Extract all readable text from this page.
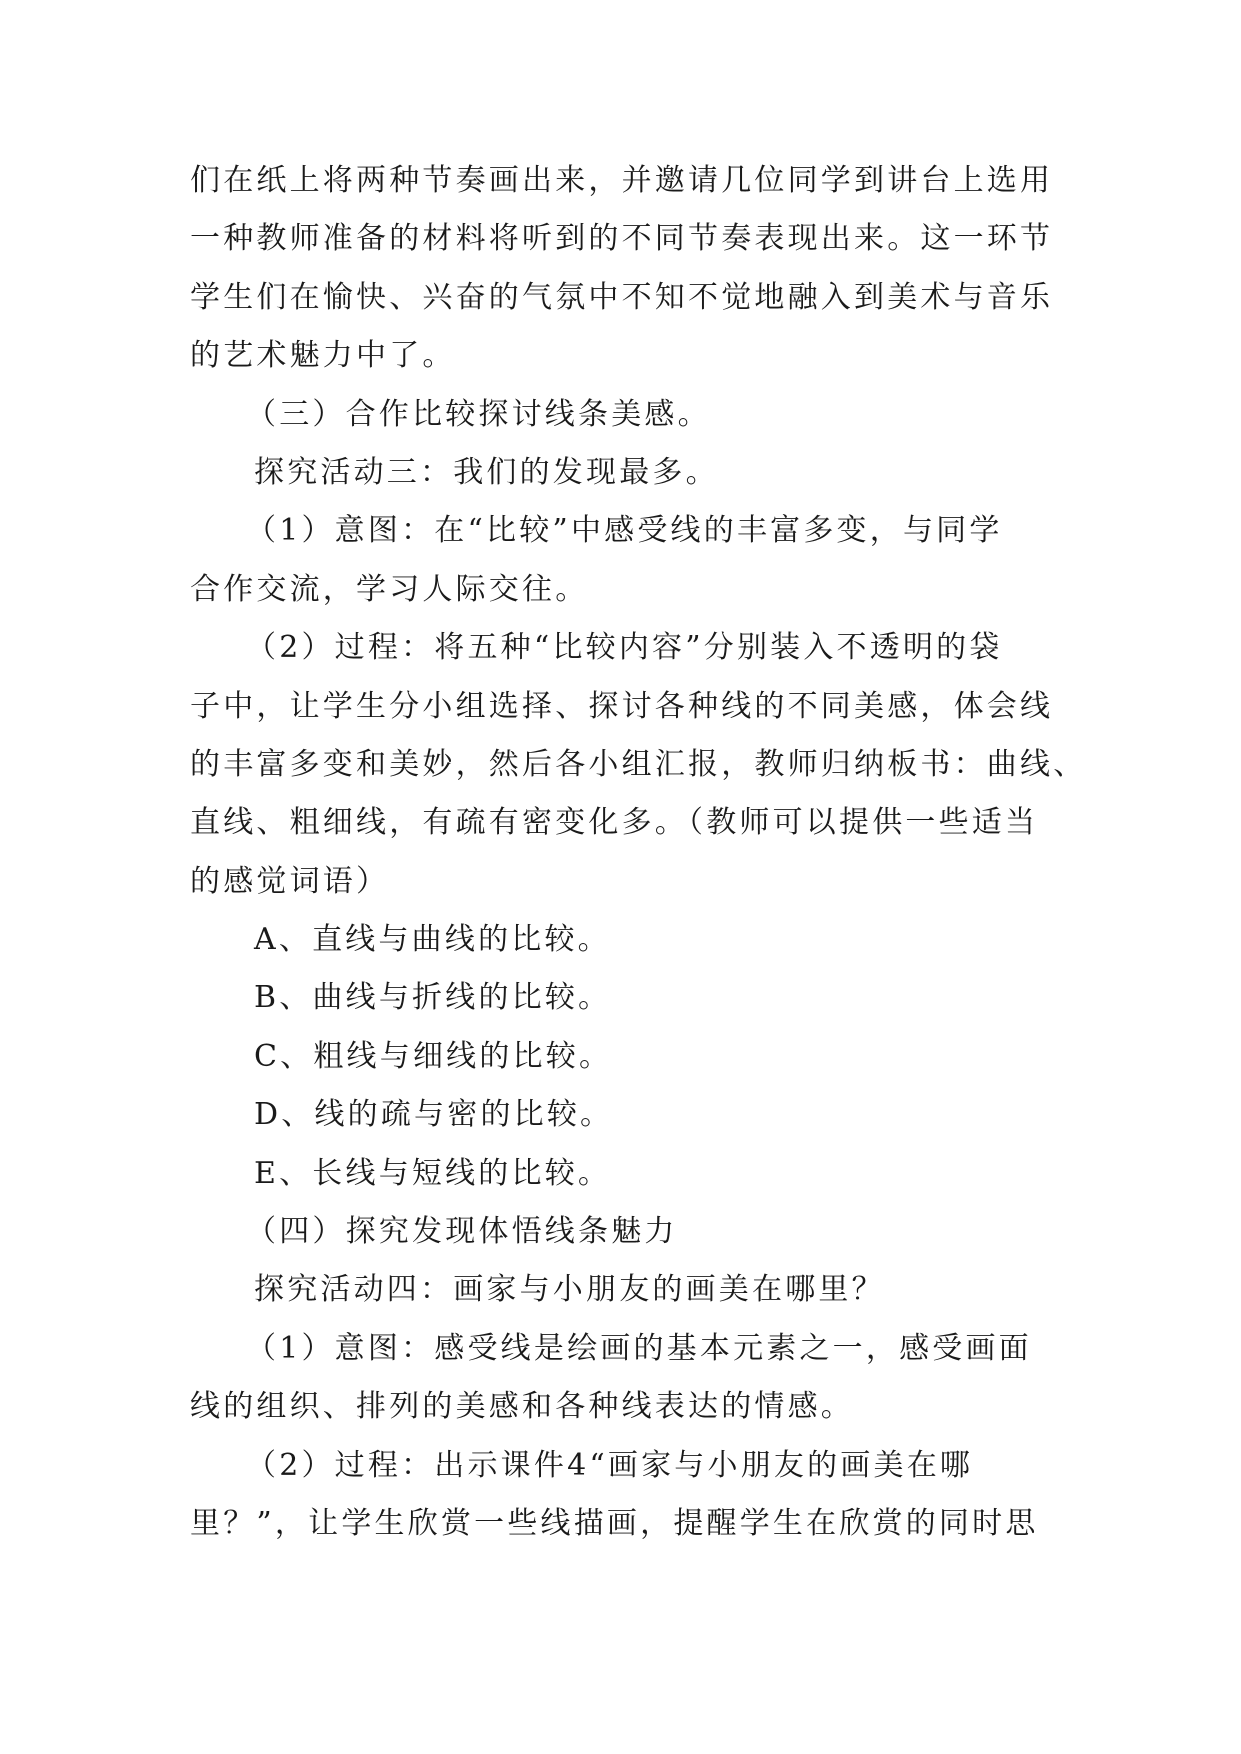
们在纸上将两种节奏画出来，并邀请几位同学到讲台上选用
一种教师准备的材料将听到的不同节奏表现出来。这一环节
学生们在愉快、兴奋的气氛中不知不觉地融入到美术与音乐
的艺术魅力中了。
（三）合作比较探讨线条美感。
探究活动三：我们的发现最多。
（1）意图：在“比较”中感受线的丰富多变，与同学
合作交流，学习人际交往。
（2）过程：将五种“比较内容”分别装入不透明的袋
子中，让学生分小组选择、探讨各种线的不同美感，体会线
的丰富多变和美妙，然后各小组汇报，教师归纳板书：曲线、
直线、粗细线，有疏有密变化多。（教师可以提供一些适当
的感觉词语）
A、直线与曲线的比较。
B、曲线与折线的比较。
C、粗线与细线的比较。
D、线的疏与密的比较。
E、长线与短线的比较。
（四）探究发现体悟线条魅力
探究活动四：画家与小朋友的画美在哪里？
（1）意图：感受线是绘画的基本元素之一，感受画面
线的组织、排列的美感和各种线表达的情感。
（2）过程：出示课件4“画家与小朋友的画美在哪
里？”，让学生欣赏一些线描画，提醒学生在欣赏的同时思
